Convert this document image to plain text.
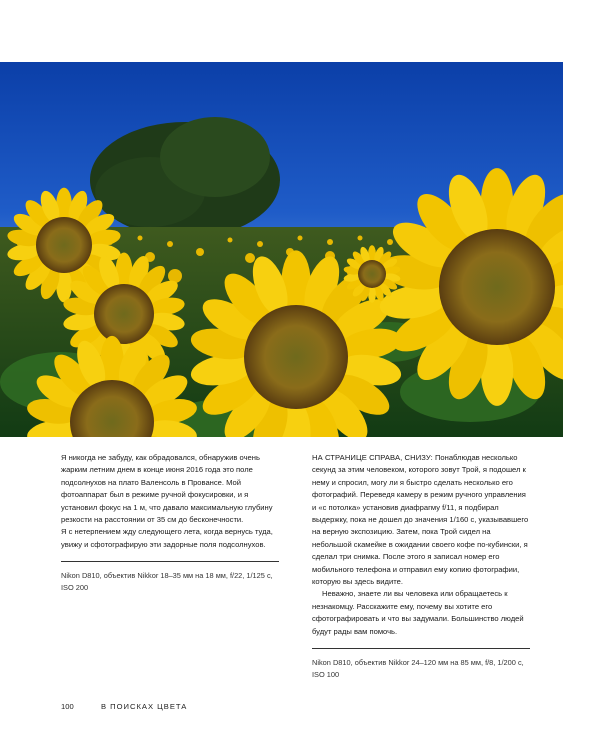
Я никогда не забуду, как обрадовался, обнаружив очень жарким летним днем в конце июня 2016 года это поле подсолнухов на плато Валенсоль в Провансе. Мой фотоаппарат был в режиме ручной фокусировки, и я установил фокус на 1 м, что давало максимальную глубину резкости на расстоянии от 35 см до бесконечности.

Я с нетерпением жду следующего лета, когда вернусь туда, увижу и сфотографирую эти задорные поля подсолнухов.

Nikon D810, объектив Nikkor 18–35 мм на 18 мм, f/22, 1/125 с, ISO 200

НА СТРАНИЦЕ СПРАВА, СНИЗУ: Понаблюдав несколько секунд за этим человеком, которого зовут Трой, я подошел к нему и спросил, могу ли я быстро сделать несколько его фотографий. Переведя камеру в режим ручного управления и «с потолка» установив диафрагму f/11, я подбирал выдержку, пока не дошел до значения 1/160 с, указывавшего на верную экспозицию. Затем, пока Трой сидел на небольшой скамейке в ожидании своего кофе по-кубински, я сделал три снимка. После этого я записал номер его мобильного телефона и отправил ему копию фотографии, которую вы здесь видите.

Неважно, знаете ли вы человека или обращаетесь к незнакомцу. Расскажите ему, почему вы хотите его сфотографировать и что вы задумали. Большинство людей будут рады вам помочь.

Nikon D810, объектив Nikkor 24–120 мм на 85 мм, f/8, 1/200 с, ISO 100

100	В ПОИСКАХ ЦВЕТА
